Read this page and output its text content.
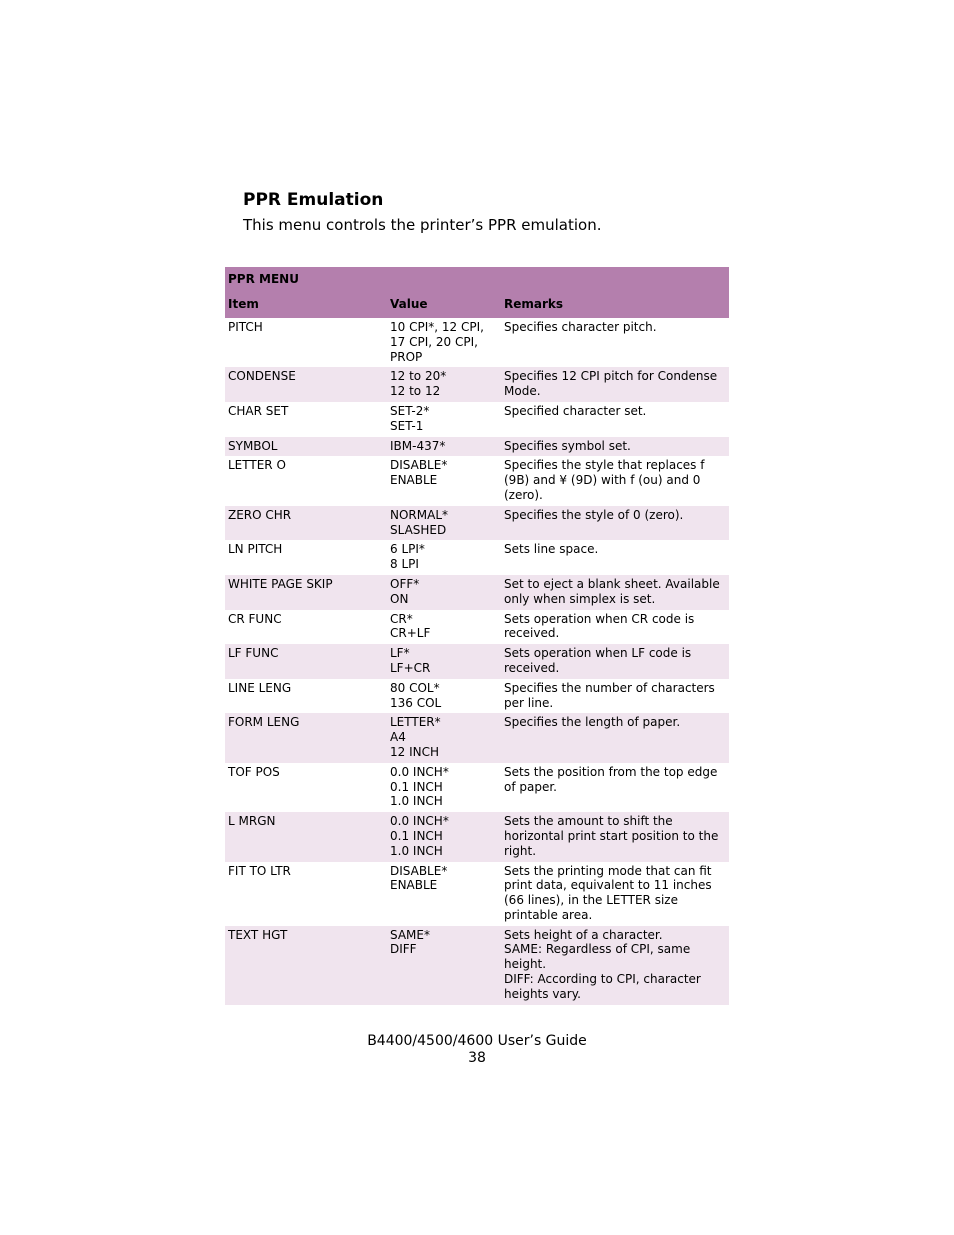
PPR Emulation

This menu controls the printer’s PPR emulation.

PPR MENU		
Item	Value	Remarks
PITCH	10 CPI*, 12 CPI,
17 CPI, 20 CPI,
PROP	Specifies character pitch.

CONDENSE	12 to 20*
12 to 12	Specifies 12 CPI pitch for Condense
Mode.

CHAR SET	SET-2*
SET-1	Specified character set.

SYMBOL	IBM-437*	Specifies symbol set.

LETTER O	DISABLE*
ENABLE	Specifies the style that replaces f
(9B) and ¥ (9D) with f (ou) and 0
(zero).

ZERO CHR	NORMAL*
SLASHED	Specifies the style of 0 (zero).

LN PITCH	6 LPI*
8 LPI	Sets line space.

WHITE PAGE SKIP	OFF*
ON	Set to eject a blank sheet. Available
only when simplex is set.

CR FUNC	CR*
CR+LF	Sets operation when CR code is
received.

LF FUNC	LF*
LF+CR	Sets operation when LF code is
received.

LINE LENG	80 COL*
136 COL	Specifies the number of characters
per line.

FORM LENG	LETTER*
A4
12 INCH	Specifies the length of paper.

TOF POS	0.0 INCH*
0.1 INCH
1.0 INCH	Sets the position from the top edge
of paper.

L MRGN	0.0 INCH*
0.1 INCH
1.0 INCH	Sets the amount to shift the
horizontal print start position to the
right.

FIT TO LTR	DISABLE*
ENABLE	Sets the printing mode that can fit
print data, equivalent to 11 inches
(66 lines), in the LETTER size
printable area.

TEXT HGT	SAME*
DIFF	Sets height of a character.
SAME: Regardless of CPI, same
height.
DIFF: According to CPI, character
heights vary.
B4400/4500/4600 User’s Guide
38
